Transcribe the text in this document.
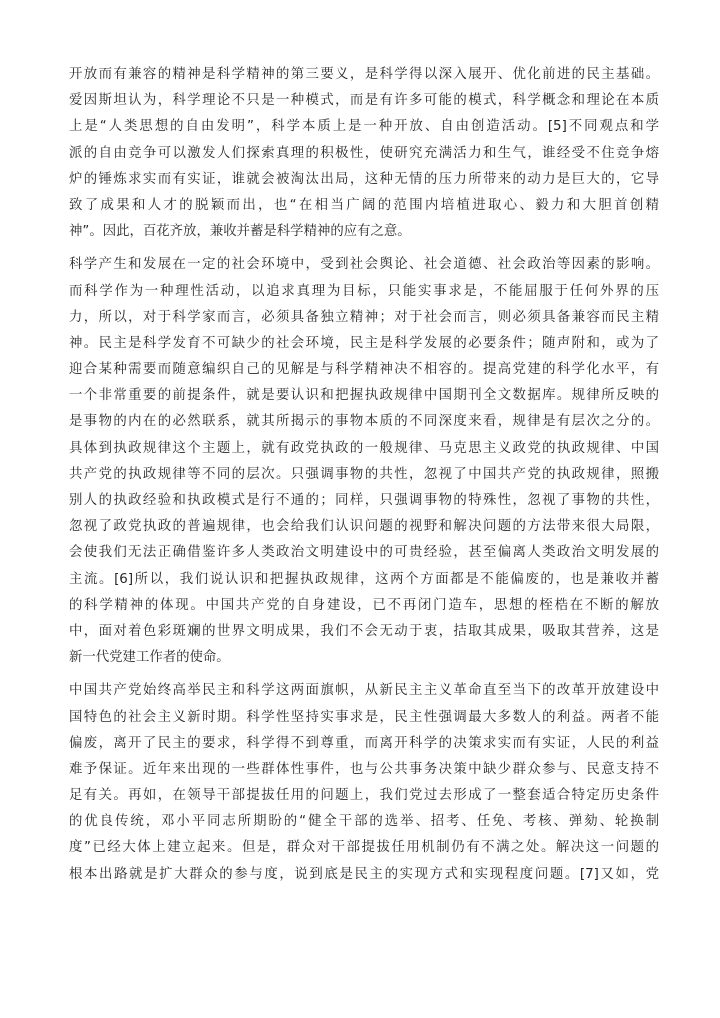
开放而有兼容的精神是科学精神的第三要义，是科学得以深入展开、优化前进的民主基础。
爱因斯坦认为，科学理论不只是一种模式，而是有许多可能的模式，科学概念和理论在本质
上是“人类思想的自由发明”，科学本质上是一种开放、自由创造活动。[5]不同观点和学
派的自由竞争可以激发人们探索真理的积极性，使研究充满活力和生气，谁经受不住竞争熔
炉的锤炼求实而有实证，谁就会被淘汰出局，这种无情的压力所带来的动力是巨大的，它导
致了成果和人才的脱颖而出，也“在相当广阔的范围内培植进取心、毅力和大胆首创精
神”。因此，百花齐放，兼收并蓄是科学精神的应有之意。
科学产生和发展在一定的社会环境中，受到社会舆论、社会道德、社会政治等因素的影响。
而科学作为一种理性活动，以追求真理为目标，只能实事求是，不能屈服于任何外界的压
力，所以，对于科学家而言，必须具备独立精神；对于社会而言，则必须具备兼容而民主精
神。民主是科学发育不可缺少的社会环境，民主是科学发展的必要条件；随声附和，或为了
迎合某种需要而随意编织自己的见解是与科学精神决不相容的。提高党建的科学化水平，有
一个非常重要的前提条件，就是要认识和把握执政规律中国期刊全文数据库。规律所反映的
是事物的内在的必然联系，就其所揭示的事物本质的不同深度来看，规律是有层次之分的。
具体到执政规律这个主题上，就有政党执政的一般规律、马克思主义政党的执政规律、中国
共产党的执政规律等不同的层次。只强调事物的共性，忽视了中国共产党的执政规律，照搬
别人的执政经验和执政模式是行不通的；同样，只强调事物的特殊性，忽视了事物的共性，
忽视了政党执政的普遍规律，也会给我们认识问题的视野和解决问题的方法带来很大局限，
会使我们无法正确借鉴许多人类政治文明建设中的可贵经验，甚至偏离人类政治文明发展的
主流。[6]所以，我们说认识和把握执政规律，这两个方面都是不能偏废的，也是兼收并蓄
的科学精神的体现。中国共产党的自身建设，已不再闭门造车，思想的桎梏在不断的解放
中，面对着色彩斑斓的世界文明成果，我们不会无动于衷，拮取其成果，吸取其营养，这是
新一代党建工作者的使命。
中国共产党始终高举民主和科学这两面旗帜，从新民主主义革命直至当下的改革开放建设中
国特色的社会主义新时期。科学性坚持实事求是，民主性强调最大多数人的利益。两者不能
偏废，离开了民主的要求，科学得不到尊重，而离开科学的决策求实而有实证，人民的利益
难予保证。近年来出现的一些群体性事件，也与公共事务决策中缺少群众参与、民意支持不
足有关。再如，在领导干部提拔任用的问题上，我们党过去形成了一整套适合特定历史条件
的优良传统，邓小平同志所期盼的“健全干部的选举、招考、任免、考核、弹劾、轮换制
度”已经大体上建立起来。但是，群众对干部提拔任用机制仍有不满之处。解决这一问题的
根本出路就是扩大群众的参与度，说到底是民主的实现方式和实现程度问题。[7]又如，党
